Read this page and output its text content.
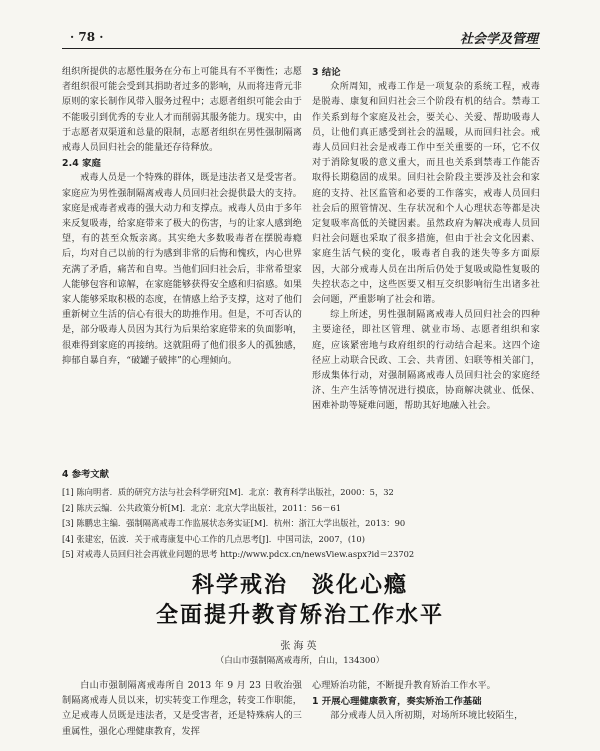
· 78 ·	社会学及管理

组织所提供的志愿性服务在分布上可能具有不平衡性；志愿者组织很可能会受到其捐助者过多的影响，从而将违背元非原则的家长制作风带入服务过程中；志愿者组织可能会由于不能吸引到优秀的专业人才而削弱其服务能力。现实中，由于志愿者双渠道和总量的限制，志愿者组织在男性强制隔离戒毒人员回归社会的能量还存待释放。

2.4 家庭

戒毒人员是一个特殊的群体，既是违法者又是受害者。家庭应为男性强制隔离戒毒人员回归社会提供最大的支持。家庭是戒毒者戒毒的强大动力和支撑点。戒毒人员由于多年来反复吸毒，给家庭带来了极大的伤害，与的让家人感到绝望，有的甚至众叛亲离。其实绝大多数吸毒者在摆脱毒瘾后，均对自己以前的行为感到非常的后悔和愧疚，内心世界充满了矛盾，痛苦和自卑。当他们回归社会后，非常希望家人能够包容和谅解，在家庭能够获得安全感和归宿感。如果家人能够采取积极的态度，在情感上给予支撑，这对了他们重新树立生活的信心有很大的助推作用。但是，不可否认的是，部分吸毒人员因为其行为后果给家庭带来的负面影响，很难得到家庭的再接纳。这就阻碍了他们很多人的孤独感，抑郁自暴自弃，“破罐子破摔”的心理倾向。

3 结论

众所周知，戒毒工作是一项复杂的系统工程，戒毒是脱毒、康复和回归社会三个阶段有机的结合。禁毒工作关系到每个家庭及社会，要关心、关爱、帮助吸毒人员，让他们真正感受到社会的温暖，从而回归社会。戒毒人员回归社会是戒毒工作中至关重要的一环，它不仅对于消除复吸的意义重大，而且也关系到禁毒工作能否取得长期稳固的成果。回归社会阶段主要涉及社会和家庭的支持、社区监管和必要的工作落实，戒毒人员回归社会后的照管情况、生存状况和个人心理状态等都是决定复吸率高低的关键因素。虽然政府为解决戒毒人员回归社会问题也采取了很多措施，但由于社会文化因素、家庭生活气候的变化，吸毒者自我的迷失等多方面原因，大部分戒毒人员在出所后仍处于复吸或隐性复吸的失控状态之中，这些医要又相互交织影响衍生出诸多社会问题，严重影响了社会和谐。

综上所述，男性强制隔离戒毒人员回归社会的四种主要途径，即社区管理、就业市场、志愿者组织和家庭，应该紧密地与政府组织的行动结合起来。这四个途径应上动联合民政、工会、共青团、妇联等相关部门，形成集体行动，对强制隔离戒毒人员回归社会的家庭经济、生产生活等情况进行摸底，协商解决就业、低保、困难补助等疑难问题，帮助其好地融入社会。

4 参考文献
[1] 陈向明者．质的研究方法与社会科学研究[M]．北京：教育科学出版社，2000：5，32
[2] 陈庆云编．公共政策分析[M]．北京：北京大学出版社，2011：56－61
[3] 陈鹏忠主编．强制隔离戒毒工作监展状态务实证[M]．杭州：浙江大学出版社，2013：90
[4] 张建宏，伍波．关于戒毒康复中心工作的几点思考[J]．中国司法，2007，(10)
[5] 对戒毒人员回归社会再就业问题的思考 http://www.pdcx.cn/newsView.aspx?id＝23702
科学戒治　淡化心瘾
全面提升教育矫治工作水平
张海英
（白山市强制隔离戒毒所，白山，134300）

白山市强制隔离戒毒所自 2013 年 9 月 23 日收治强制隔离戒毒人员以来，切实转变工作理念，转变工作职能，立足戒毒人员既是违法者，又是受害者，还是特殊病人的三重属性，强化心理健康教育，发挥

心理矫治功能，不断提升教育矫治工作水平。

1 开展心理健康教育，奏实矫治工作基础

部分戒毒人员入所初期，对场所环境比较陌生，
